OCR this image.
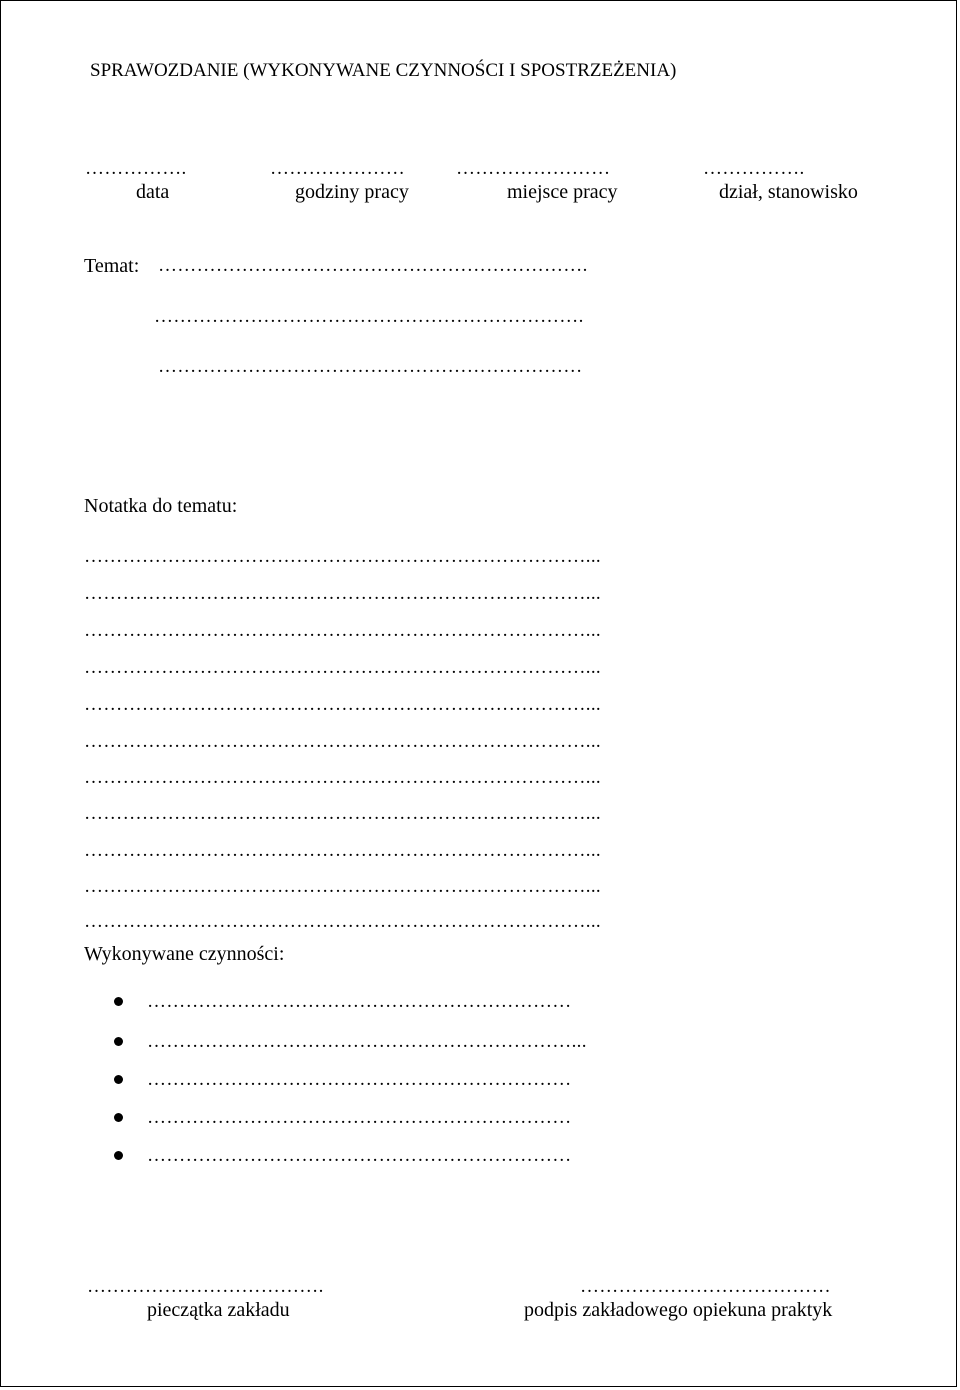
SPRAWOZDANIE (WYKONYWANE CZYNNOŚCI I SPOSTRZEŻENIA)
…………….
data
…………………
godziny pracy
……………………
miejsce pracy
…………….
dział, stanowisko
Temat: ………………………………………………………….
………………………………………………………….
…………………………………………………………
Notatka do tematu:
……………………………………………………………………...
……………………………………………………………………...
……………………………………………………………………...
……………………………………………………………………...
……………………………………………………………………...
……………………………………………………………………...
……………………………………………………………………...
……………………………………………………………………...
……………………………………………………………………...
……………………………………………………………………...
……………………………………………………………………...
Wykonywane czynności:
…………………………………………………………
…………………………………………………………...
…………………………………………………………
…………………………………………………………
…………………………………………………………
……………………………….
pieczątka zakładu
…………………………………
podpis zakładowego opiekuna praktyk
